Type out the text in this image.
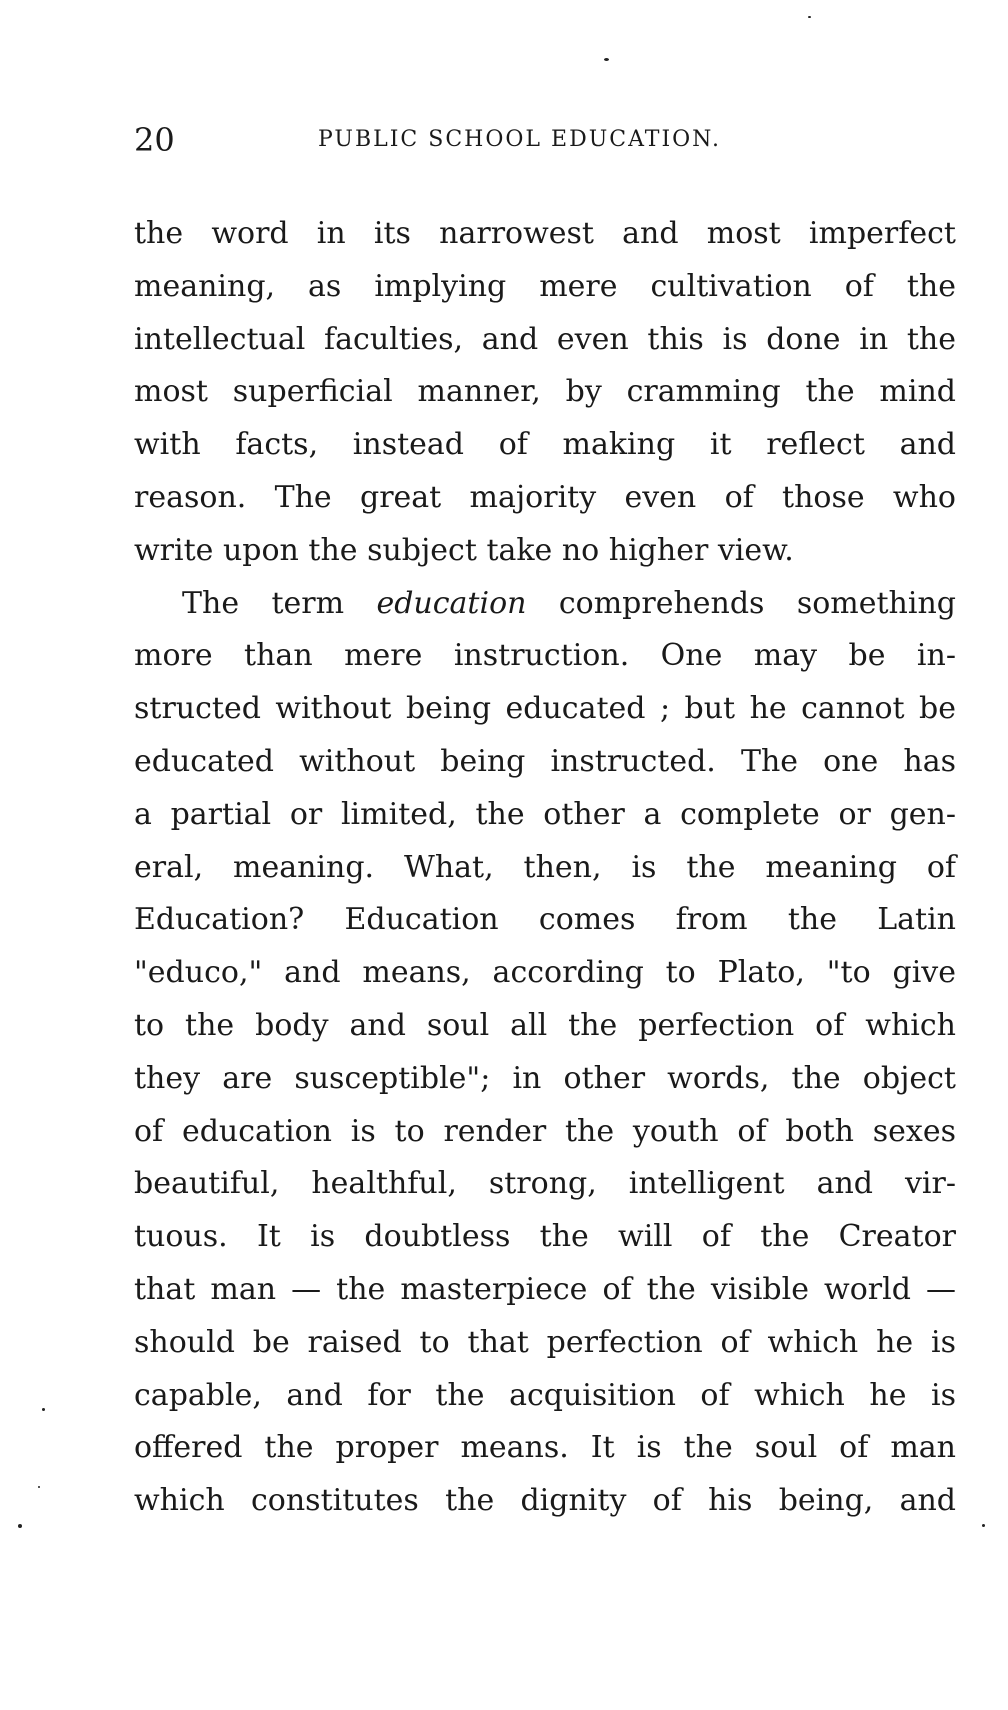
20	PUBLIC SCHOOL EDUCATION.
the word in its narrowest and most imperfect
meaning, as implying mere cultivation of the
intellectual faculties, and even this is done in the
most superficial manner, by cramming the mind
with facts, instead of making it reflect and
reason. The great majority even of those who
write upon the subject take no higher view.
The term education comprehends something
more than mere instruction. One may be in-
structed without being educated ; but he cannot be
educated without being instructed. The one has
a partial or limited, the other a complete or gen-
eral, meaning. What, then, is the meaning of
Education? Education comes from the Latin
"educo," and means, according to Plato, "to give
to the body and soul all the perfection of which
they are susceptible"; in other words, the object
of education is to render the youth of both sexes
beautiful, healthful, strong, intelligent and vir-
tuous. It is doubtless the will of the Creator
that man — the masterpiece of the visible world —
should be raised to that perfection of which he is
capable, and for the acquisition of which he is
offered the proper means. It is the soul of man
which constitutes the dignity of his being, and
